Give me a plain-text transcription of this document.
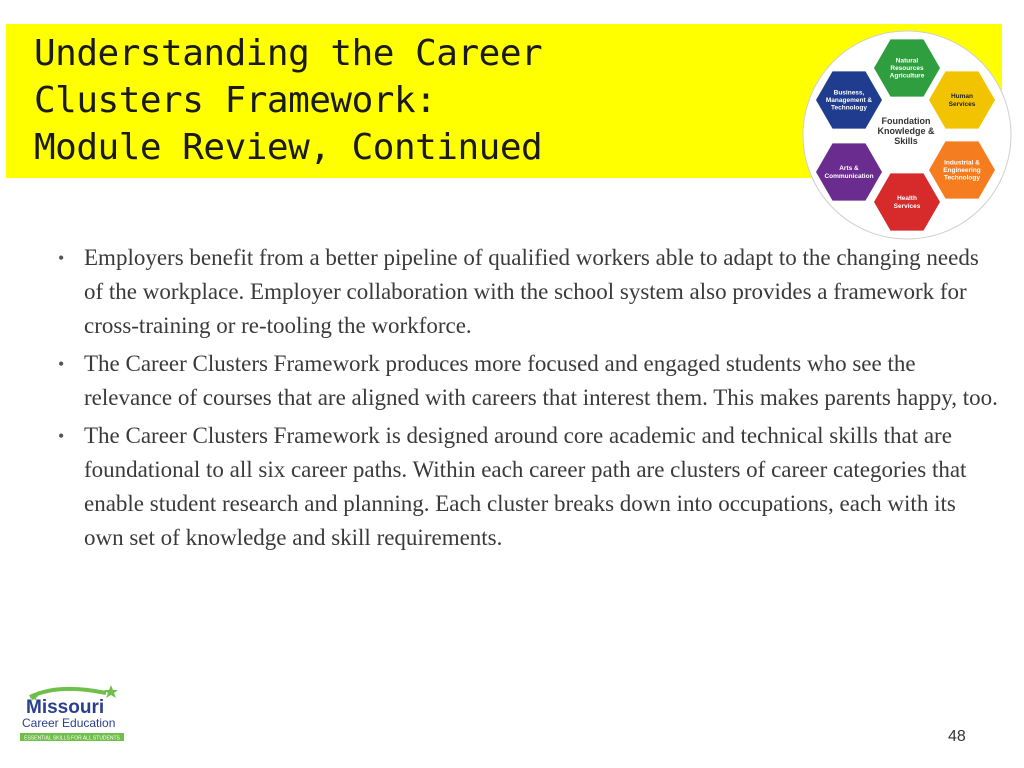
Understanding the Career
Clusters Framework:
Module Review, Continued
Foundation Knowledge & Skills
Natural Resources Agriculture
Human Services
Industrial & Engineering Technology
Health Services
Arts & Communication
Business, Management & Technology
• Employers benefit from a better pipeline of qualified workers able to adapt to the changing needs of the workplace. Employer collaboration with the school system also provides a framework for cross-training or re-tooling the workforce.
• The Career Clusters Framework produces more focused and engaged students who see the relevance of courses that are aligned with careers that interest them. This makes parents happy, too.
• The Career Clusters Framework is designed around core academic and technical skills that are foundational to all six career paths. Within each career path are clusters of career categories that enable student research and planning. Each cluster breaks down into occupations, each with its own set of knowledge and skill requirements.
Missouri
Career Education
ESSENTIAL SKILLS FOR ALL STUDENTS	48
